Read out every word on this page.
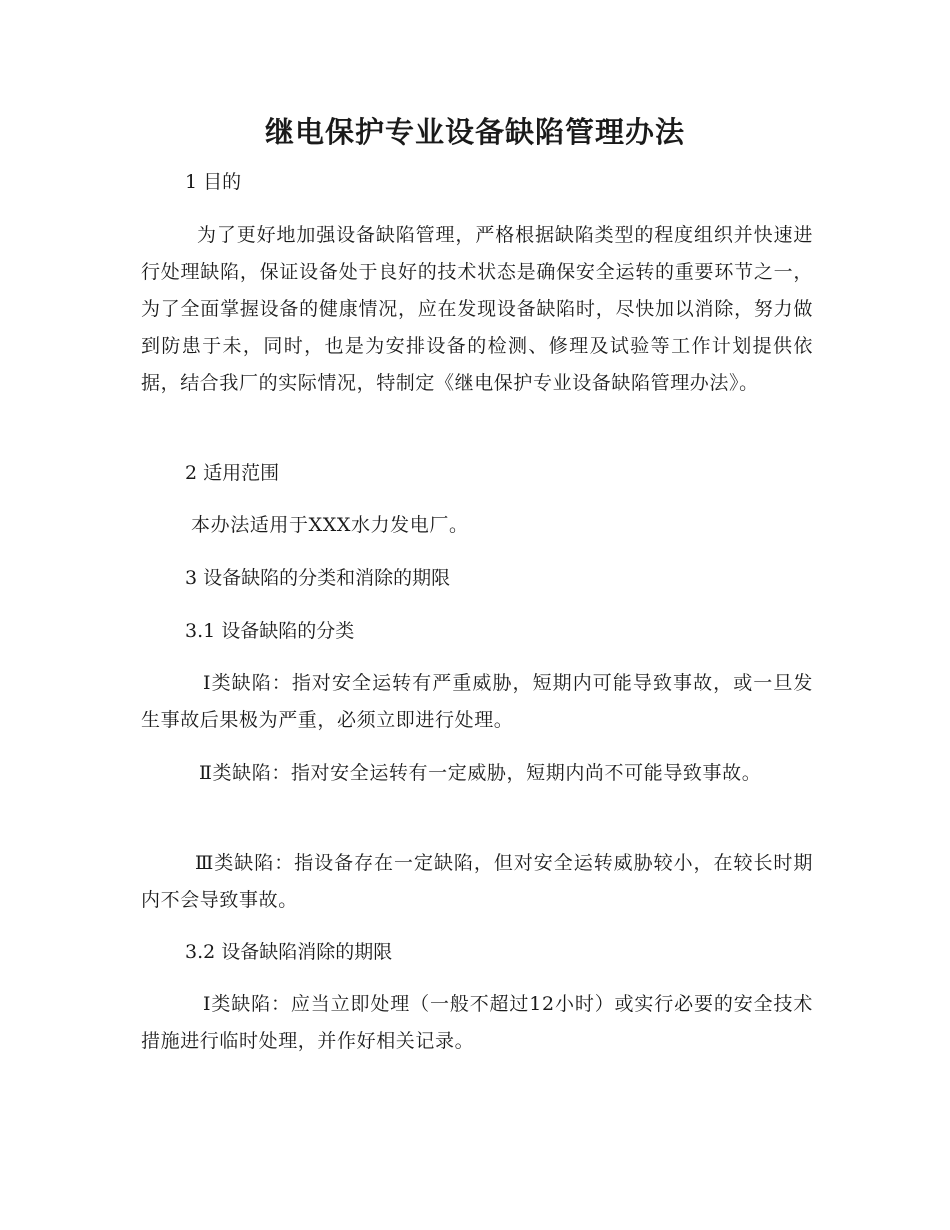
继电保护专业设备缺陷管理办法

1 目的

为了更好地加强设备缺陷管理，严格根据缺陷类型的程度组织并快速进行处理缺陷，保证设备处于良好的技术状态是确保安全运转的重要环节之一，为了全面掌握设备的健康情况，应在发现设备缺陷时，尽快加以消除，努力做到防患于未，同时，也是为安排设备的检测、修理及试验等工作计划提供依据，结合我厂的实际情况，特制定《继电保护专业设备缺陷管理办法》。

2 适用范围

本办法适用于XXX水力发电厂。

3 设备缺陷的分类和消除的期限

3.1 设备缺陷的分类

Ⅰ类缺陷：指对安全运转有严重威胁，短期内可能导致事故，或一旦发生事故后果极为严重，必须立即进行处理。

Ⅱ类缺陷：指对安全运转有一定威胁，短期内尚不可能导致事故。

Ⅲ类缺陷：指设备存在一定缺陷，但对安全运转威胁较小，在较长时期内不会导致事故。

3.2 设备缺陷消除的期限

Ⅰ类缺陷：应当立即处理（一般不超过12小时）或实行必要的安全技术措施进行临时处理，并作好相关记录。
